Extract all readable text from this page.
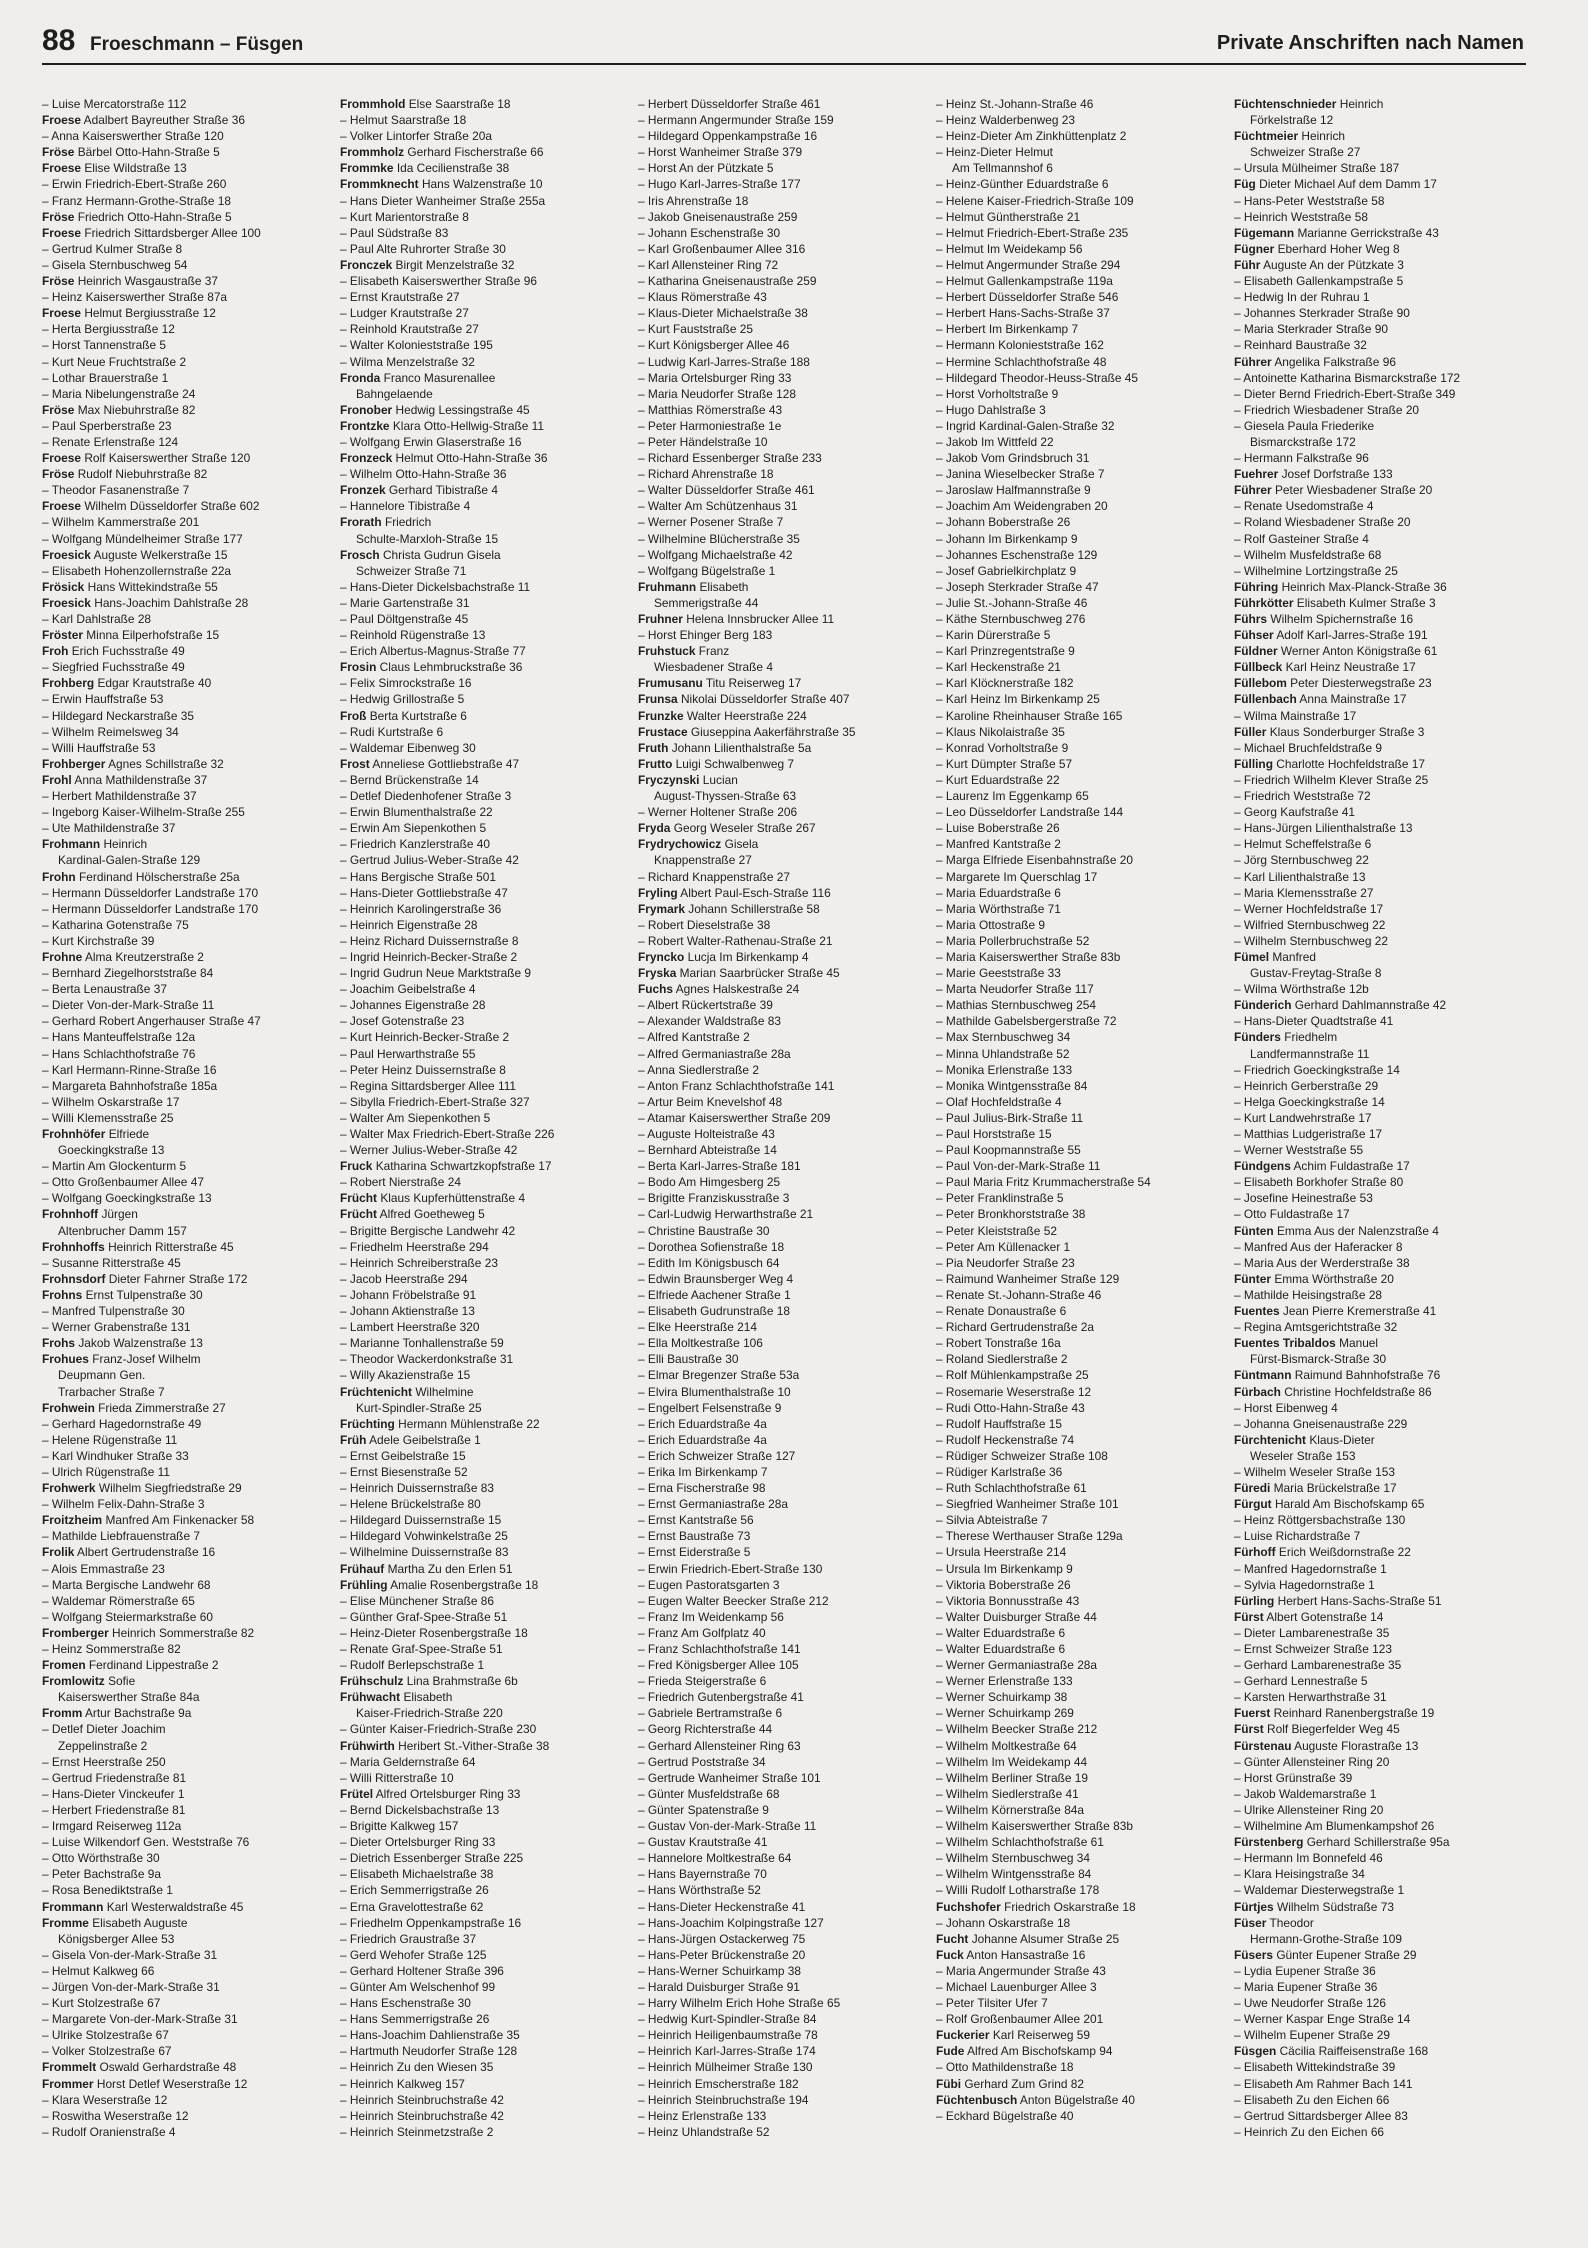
88 Froeschmann – Füsgen	Private Anschriften nach Namen
– Luise Mercatorstraße 112
Froese Adalbert Bayreuther Straße 36
– Anna Kaiserswerther Straße 120
Fröse Bärbel Otto-Hahn-Straße 5
Froese Elise Wildstraße 13
– Erwin Friedrich-Ebert-Straße 260
– Franz Hermann-Grothe-Straße 18
Fröse Friedrich Otto-Hahn-Straße 5
Froese Friedrich Sittardsberger Allee 100
– Gertrud Kulmer Straße 8
– Gisela Sternbuschweg 54
Fröse Heinrich Wasgaustraße 37
– Heinz Kaiserswerther Straße 87a
Froese Helmut Bergiusstraße 12
– Herta Bergiusstraße 12
– Horst Tannenstraße 5
– Kurt Neue Fruchtstraße 2
– Lothar Brauerstraße 1
– Maria Nibelungenstraße 24
Fröse Max Niebuhrstraße 82
– Paul Sperberstraße 23
– Renate Erlenstraße 124
Froese Rolf Kaiserswerther Straße 120
Fröse Rudolf Niebuhrstraße 82
– Theodor Fasanenstraße 7
Froese Wilhelm Düsseldorfer Straße 602
– Wilhelm Kammerstraße 201
– Wolfgang Mündelheimer Straße 177
Froesick Auguste Welkerstraße 15
– Elisabeth Hohenzollernstraße 22a
Frösick Hans Wittekindstraße 55
Froesick Hans-Joachim Dahlstraße 28
– Karl Dahlstraße 28
Fröster Minna Eilperhofstraße 15
Froh Erich Fuchsstraße 49
– Siegfried Fuchsstraße 49
Frohberg Edgar Krautstraße 40
– Erwin Hauffstraße 53
– Hildegard Neckarstraße 35
– Wilhelm Reimelsweg 34
– Willi Hauffstraße 53
Frohberger Agnes Schillstraße 32
Frohl Anna Mathildenstraße 37
– Herbert Mathildenstraße 37
– Ingeborg Kaiser-Wilhelm-Straße 255
– Ute Mathildenstraße 37
Frohmann Heinrich
Kardinal-Galen-Straße 129
Frohn Ferdinand Hölscherstraße 25a
– Hermann Düsseldorfer Landstraße 170
– Hermann Düsseldorfer Landstraße 170
– Katharina Gotenstraße 75
– Kurt Kirchstraße 39
Frohne Alma Kreutzerstraße 2
– Bernhard Ziegelhorststraße 84
– Berta Lenaustraße 37
– Dieter Von-der-Mark-Straße 11
– Gerhard Robert Angerhauser Straße 47
– Hans Manteuffelstraße 12a
– Hans Schlachthofstraße 76
– Karl Hermann-Rinne-Straße 16
– Margareta Bahnhofstraße 185a
– Wilhelm Oskarstraße 17
– Willi Klemensstraße 25
Frohnhöfer Elfriede
Goeckingkstraße 13
– Martin Am Glockenturm 5
– Otto Großenbaumer Allee 47
– Wolfgang Goeckingkstraße 13
Frohnhoff Jürgen
Altenbrucher Damm 157
Frohnhoffs Heinrich Ritterstraße 45
– Susanne Ritterstraße 45
Frohnsdorf Dieter Fahrner Straße 172
Frohns Ernst Tulpenstraße 30
– Manfred Tulpenstraße 30
– Werner Grabenstraße 131
Frohs Jakob Walzenstraße 13
Frohues Franz-Josef Wilhelm
Deupmann Gen.
Trarbacher Straße 7
Frohwein Frieda Zimmerstraße 27
– Gerhard Hagedornstraße 49
– Helene Rügenstraße 11
– Karl Windhuker Straße 33
– Ulrich Rügenstraße 11
Frohwerk Wilhelm Siegfriedstraße 29
– Wilhelm Felix-Dahn-Straße 3
Froitzheim Manfred Am Finkenacker 58
– Mathilde Liebfrauenstraße 7
Frolik Albert Gertrudenstraße 16
– Alois Emmastraße 23
– Marta Bergische Landwehr 68
– Waldemar Römerstraße 65
– Wolfgang Steiermarkstraße 60
Fromberger Heinrich Sommerstraße 82
– Heinz Sommerstraße 82
Fromen Ferdinand Lippestraße 2
Fromlowitz Sofie
Kaiserswerther Straße 84a
Fromm Artur Bachstraße 9a
– Detlef Dieter Joachim
Zeppelinstraße 2
– Ernst Heerstraße 250
– Gertrud Friedenstraße 81
– Hans-Dieter Vinckeufer 1
– Herbert Friedenstraße 81
– Irmgard Reiserweg 112a
– Luise Wilkendorf Gen. Weststraße 76
– Otto Wörthstraße 30
– Peter Bachstraße 9a
– Rosa Benediktstraße 1
Frommann Karl Westerwaldstraße 45
Fromme Elisabeth Auguste
Königsberger Allee 53
– Gisela Von-der-Mark-Straße 31
– Helmut Kalkweg 66
– Jürgen Von-der-Mark-Straße 31
– Kurt Stolzestraße 67
– Margarete Von-der-Mark-Straße 31
– Ulrike Stolzestraße 67
– Volker Stolzestraße 67
Frommelt Oswald Gerhardstraße 48
Frommer Horst Detlef Weserstraße 12
– Klara Weserstraße 12
– Roswitha Weserstraße 12
– Rudolf Oranienstraße 4
Frommhold Else Saarstraße 18
– Helmut Saarstraße 18
– Volker Lintorfer Straße 20a
Frommholz Gerhard Fischerstraße 66
Frommke Ida Cecilienstraße 38
Frommknecht Hans Walzenstraße 10
– Hans Dieter Wanheimer Straße 255a
– Kurt Marientorstraße 8
– Paul Südstraße 83
– Paul Alte Ruhrorter Straße 30
Fronczek Birgit Menzelstraße 32
– Elisabeth Kaiserswerther Straße 96
– Ernst Krautstraße 27
– Ludger Krautstraße 27
– Reinhold Krautstraße 27
– Walter Kolonieststraße 195
– Wilma Menzelstraße 32
Fronda Franco Masurenallee
Bahngelaende
Fronober Hedwig Lessingstraße 45
Frontzke Klara Otto-Hellwig-Straße 11
– Wolfgang Erwin Glaserstraße 16
Fronzeck Helmut Otto-Hahn-Straße 36
– Wilhelm Otto-Hahn-Straße 36
Fronzek Gerhard Tibistraße 4
– Hannelore Tibistraße 4
Frorath Friedrich
Schulte-Marxloh-Straße 15
Frosch Christa Gudrun Gisela
Schweizer Straße 71
– Hans-Dieter Dickelsbachstraße 11
– Marie Gartenstraße 31
– Paul Döltgenstraße 45
– Reinhold Rügenstraße 13
– Erich Albertus-Magnus-Straße 77
Frosin Claus Lehmbruckstraße 36
– Felix Simrockstraße 16
– Hedwig Grillostraße 5
Froß Berta Kurtstraße 6
– Rudi Kurtstraße 6
– Waldemar Eibenweg 30
Frost Anneliese Gottliebstraße 47
– Bernd Brückenstraße 14
– Detlef Diedenhofener Straße 3
– Erwin Blumenthalstraße 22
– Erwin Am Siepenkothen 5
– Friedrich Kanzlerstraße 40
– Gertrud Julius-Weber-Straße 42
– Hans Bergische Straße 501
– Hans-Dieter Gottliebstraße 47
– Heinrich Karolingerstraße 36
– Heinrich Eigenstraße 28
– Heinz Richard Duissernstraße 8
– Ingrid Heinrich-Becker-Straße 2
– Ingrid Gudrun Neue Marktstraße 9
– Joachim Geibelstraße 4
– Johannes Eigenstraße 28
– Josef Gotenstraße 23
– Kurt Heinrich-Becker-Straße 2
– Paul Herwarthstraße 55
– Peter Heinz Duissernstraße 8
– Regina Sittardsberger Allee 111
– Sibylla Friedrich-Ebert-Straße 327
– Walter Am Siepenkothen 5
– Walter Max Friedrich-Ebert-Straße 226
– Werner Julius-Weber-Straße 42
Fruck Katharina Schwartzkopfstraße 17
– Robert Nierstraße 24
Frücht Klaus Kupferhüttenstraße 4
Frücht Alfred Goetheweg 5
– Brigitte Bergische Landwehr 42
– Friedhelm Heerstraße 294
– Heinrich Schreiberstraße 23
– Jacob Heerstraße 294
– Johann Fröbelstraße 91
– Johann Aktienstraße 13
– Lambert Heerstraße 320
– Marianne Tonhallenstraße 59
– Theodor Wackerdonkstraße 31
– Willy Akazienstraße 15
Früchtenicht Wilhelmine
Kurt-Spindler-Straße 25
Früchting Hermann Mühlenstraße 22
Früh Adele Geibelstraße 1
– Ernst Geibelstraße 15
– Ernst Biesenstraße 52
– Heinrich Duissernstraße 83
– Helene Brückelstraße 80
– Hildegard Duissernstraße 15
– Hildegard Vohwinkelstraße 25
– Wilhelmine Duissernstraße 83
Frühauf Martha Zu den Erlen 51
Frühling Amalie Rosenbergstraße 18
– Elise Münchener Straße 86
– Günther Graf-Spee-Straße 51
– Heinz-Dieter Rosenbergstraße 18
– Renate Graf-Spee-Straße 51
– Rudolf Berlepschstraße 1
Frühschulz Lina Brahmstraße 6b
Frühwacht Elisabeth
Kaiser-Friedrich-Straße 220
– Günter Kaiser-Friedrich-Straße 230
Frühwirth Heribert St.-Vither-Straße 38
– Maria Geldernstraße 64
– Willi Ritterstraße 10
Frütel Alfred Ortelsburger Ring 33
– Bernd Dickelsbachstraße 13
– Brigitte Kalkweg 157
– Dieter Ortelsburger Ring 33
– Dietrich Essenberger Straße 225
– Elisabeth Michaelstraße 38
– Erich Semmerrigstraße 26
– Erna Gravelottestraße 62
– Friedhelm Oppenkampstraße 16
– Friedrich Graustraße 37
– Gerd Wehofer Straße 125
– Gerhard Holtener Straße 396
– Günter Am Welschenhof 99
– Hans Eschenstraße 30
– Hans Semmerrigstraße 26
– Hans-Joachim Dahlienstraße 35
– Hartmuth Neudorfer Straße 128
– Heinrich Zu den Wiesen 35
– Heinrich Kalkweg 157
– Heinrich Steinbruchstraße 42
– Heinrich Steinbruchstraße 42
– Heinrich Steinmetzstraße 2
– Herbert Düsseldorfer Straße 461
– Hermann Angermunder Straße 159
– Hildegard Oppenkampstraße 16
– Horst Wanheimer Straße 379
– Horst An der Pützkate 5
– Hugo Karl-Jarres-Straße 177
– Iris Ahrenstraße 18
– Jakob Gneisenaustraße 259
– Johann Eschenstraße 30
– Karl Großenbaumer Allee 316
– Karl Allensteiner Ring 72
– Katharina Gneisenaustraße 259
– Klaus Römerstraße 43
– Klaus-Dieter Michaelstraße 38
– Kurt Fauststraße 25
– Kurt Königsberger Allee 46
– Ludwig Karl-Jarres-Straße 188
– Maria Ortelsburger Ring 33
– Maria Neudorfer Straße 128
– Matthias Römerstraße 43
– Peter Harmoniestraße 1e
– Peter Händelstraße 10
– Richard Essenberger Straße 233
– Richard Ahrenstraße 18
– Walter Düsseldorfer Straße 461
– Walter Am Schützenhaus 31
– Werner Posener Straße 7
– Wilhelmine Blücherstraße 35
– Wolfgang Michaelstraße 42
– Wolfgang Bügelstraße 1
Fruhmann Elisabeth
Semmerigstraße 44
Fruhner Helena Innsbrucker Allee 11
– Horst Ehinger Berg 183
Fruhstuck Franz
Wiesbadener Straße 4
Frumusanu Titu Reiserweg 17
Frunsa Nikolai Düsseldorfer Straße 407
Frunzke Walter Heerstraße 224
Frustace Giuseppina Aakerfährstraße 35
Fruth Johann Lilienthalstraße 5a
Frutto Luigi Schwalbenweg 7
Fryczynski Lucian
August-Thyssen-Straße 63
– Werner Holtener Straße 206
Fryda Georg Weseler Straße 267
Frydrychowicz Gisela
Knappenstraße 27
– Richard Knappenstraße 27
Fryling Albert Paul-Esch-Straße 116
Frymark Johann Schillerstraße 58
– Robert Dieselstraße 38
– Robert Walter-Rathenau-Straße 21
Fryncko Lucja Im Birkenkamp 4
Fryska Marian Saarbrücker Straße 45
Fuchs Agnes Halskestraße 24
– Albert Rückertstraße 39
– Alexander Waldstraße 83
– Alfred Kantstraße 2
– Alfred Germaniastraße 28a
– Anna Siedlerstraße 2
– Anton Franz Schlachthofstraße 141
– Artur Beim Knevelshof 48
– Atamar Kaiserswerther Straße 209
– Auguste Holteistraße 43
– Bernhard Abteistraße 14
– Berta Karl-Jarres-Straße 181
– Bodo Am Himgesberg 25
– Brigitte Franziskusstraße 3
– Carl-Ludwig Herwarthstraße 21
– Christine Baustraße 30
– Dorothea Sofienstraße 18
– Edith Im Königsbusch 64
– Edwin Braunsberger Weg 4
– Elfriede Aachener Straße 1
– Elisabeth Gudrunstraße 18
– Elke Heerstraße 214
– Ella Moltkestraße 106
– Elli Baustraße 30
– Elmar Bregenzer Straße 53a
– Elvira Blumenthalstraße 10
– Engelbert Felsenstraße 9
– Erich Eduardstraße 4a
– Erich Eduardstraße 4a
– Erich Schweizer Straße 127
– Erika Im Birkenkamp 7
– Erna Fischerstraße 98
– Ernst Germaniastraße 28a
– Ernst Kantstraße 56
– Ernst Baustraße 73
– Ernst Eiderstraße 5
– Erwin Friedrich-Ebert-Straße 130
– Eugen Pastoratsgarten 3
– Eugen Walter Beecker Straße 212
– Franz Im Weidenkamp 56
– Franz Am Golfplatz 40
– Franz Schlachthofstraße 141
– Fred Königsberger Allee 105
– Frieda Steigerstraße 6
– Friedrich Gutenbergstraße 41
– Gabriele Bertramstraße 6
– Georg Richterstraße 44
– Gerhard Allensteiner Ring 63
– Gertrud Poststraße 34
– Gertrude Wanheimer Straße 101
– Günter Musfeldstraße 68
– Günter Spatenstraße 9
– Gustav Von-der-Mark-Straße 11
– Gustav Krautstraße 41
– Hannelore Moltkestraße 64
– Hans Bayernstraße 70
– Hans Wörthstraße 52
– Hans-Dieter Heckenstraße 41
– Hans-Joachim Kolpingstraße 127
– Hans-Jürgen Ostackerweg 75
– Hans-Peter Brückenstraße 20
– Hans-Werner Schuirkamp 38
– Harald Duisburger Straße 91
– Harry Wilhelm Erich Hohe Straße 65
– Hedwig Kurt-Spindler-Straße 84
– Heinrich Heiligenbaumstraße 78
– Heinrich Karl-Jarres-Straße 174
– Heinrich Mülheimer Straße 130
– Heinrich Emscherstraße 182
– Heinrich Steinbruchstraße 194
– Heinz Erlenstraße 133
– Heinz Uhlandstraße 52
– Heinz St.-Johann-Straße 46
– Heinz Walderbenweg 23
– Heinz-Dieter Am Zinkhüttenplatz 2
– Heinz-Dieter Helmut
Am Tellmannshof 6
– Heinz-Günther Eduardstraße 6
– Helene Kaiser-Friedrich-Straße 109
– Helmut Güntherstraße 21
– Helmut Friedrich-Ebert-Straße 235
– Helmut Im Weidekamp 56
– Helmut Angermunder Straße 294
– Helmut Gallenkampstraße 119a
– Herbert Düsseldorfer Straße 546
– Herbert Hans-Sachs-Straße 37
– Herbert Im Birkenkamp 7
– Hermann Kolonieststraße 162
– Hermine Schlachthofstraße 48
– Hildegard Theodor-Heuss-Straße 45
– Horst Vorholtstraße 9
– Hugo Dahlstraße 3
– Ingrid Kardinal-Galen-Straße 32
– Jakob Im Wittfeld 22
– Jakob Vom Grindsbruch 31
– Janina Wieselbecker Straße 7
– Jaroslaw Halfmannstraße 9
– Joachim Am Weidengraben 20
– Johann Boberstraße 26
– Johann Im Birkenkamp 9
– Johannes Eschenstraße 129
– Josef Gabrielkirchplatz 9
– Joseph Sterkrader Straße 47
– Julie St.-Johann-Straße 46
– Käthe Sternbuschweg 276
– Karin Dürerstraße 5
– Karl Prinzregentstraße 9
– Karl Heckenstraße 21
– Karl Klöcknerstraße 182
– Karl Heinz Im Birkenkamp 25
– Karoline Rheinhauser Straße 165
– Klaus Nikolaistraße 35
– Konrad Vorholtstraße 9
– Kurt Dümpter Straße 57
– Kurt Eduardstraße 22
– Laurenz Im Eggenkamp 65
– Leo Düsseldorfer Landstraße 144
– Luise Boberstraße 26
– Manfred Kantstraße 2
– Marga Elfriede Eisenbahnstraße 20
– Margarete Im Querschlag 17
– Maria Eduardstraße 6
– Maria Wörthstraße 71
– Maria Ottostraße 9
– Maria Pollerbruchstraße 52
– Maria Kaiserswerther Straße 83b
– Marie Geeststraße 33
– Marta Neudorfer Straße 117
– Mathias Sternbuschweg 254
– Mathilde Gabelsbergerstraße 72
– Max Sternbuschweg 34
– Minna Uhlandstraße 52
– Monika Erlenstraße 133
– Monika Wintgensstraße 84
– Olaf Hochfeldstraße 4
– Paul Julius-Birk-Straße 11
– Paul Horststraße 15
– Paul Koopmannstraße 55
– Paul Von-der-Mark-Straße 11
– Paul Maria Fritz Krummacherstraße 54
– Peter Franklinstraße 5
– Peter Bronkhorststraße 38
– Peter Kleiststraße 52
– Peter Am Küllenacker 1
– Pia Neudorfer Straße 23
– Raimund Wanheimer Straße 129
– Renate St.-Johann-Straße 46
– Renate Donaustraße 6
– Richard Gertrudenstraße 2a
– Robert Tonstraße 16a
– Roland Siedlerstraße 2
– Rolf Mühlenkampstraße 25
– Rosemarie Weserstraße 12
– Rudi Otto-Hahn-Straße 43
– Rudolf Hauffstraße 15
– Rudolf Heckenstraße 74
– Rüdiger Schweizer Straße 108
– Rüdiger Karlstraße 36
– Ruth Schlachthofstraße 61
– Siegfried Wanheimer Straße 101
– Silvia Abteistraße 7
– Therese Werthauser Straße 129a
– Ursula Heerstraße 214
– Ursula Im Birkenkamp 9
– Viktoria Boberstraße 26
– Viktoria Bonnusstraße 43
– Walter Duisburger Straße 44
– Walter Eduardstraße 6
– Walter Eduardstraße 6
– Werner Germaniastraße 28a
– Werner Erlenstraße 133
– Werner Schuirkamp 38
– Werner Schuirkamp 269
– Wilhelm Beecker Straße 212
– Wilhelm Moltkestraße 64
– Wilhelm Im Weidekamp 44
– Wilhelm Berliner Straße 19
– Wilhelm Siedlerstraße 41
– Wilhelm Körnerstraße 84a
– Wilhelm Kaiserswerther Straße 83b
– Wilhelm Schlachthofstraße 61
– Wilhelm Sternbuschweg 34
– Wilhelm Wintgensstraße 84
– Willi Rudolf Lotharstraße 178
Fuchshofer Friedrich Oskarstraße 18
– Johann Oskarstraße 18
Fucht Johanne Alsumer Straße 25
Fuck Anton Hansastraße 16
– Maria Angermunder Straße 43
– Michael Lauenburger Allee 3
– Peter Tilsiter Ufer 7
– Rolf Großenbaumer Allee 201
Fuckerier Karl Reiserweg 59
Fude Alfred Am Bischofskamp 94
– Otto Mathildenstraße 18
Fübi Gerhard Zum Grind 82
Füchtenbusch Anton Bügelstraße 40
– Eckhard Bügelstraße 40
Füchtenschnieder Heinrich
Förkelstraße 12
Füchtmeier Heinrich
Schweizer Straße 27
– Ursula Mülheimer Straße 187
Füg Dieter Michael Auf dem Damm 17
– Hans-Peter Weststraße 58
– Heinrich Weststraße 58
Fügemann Marianne Gerrickstraße 43
Fügner Eberhard Hoher Weg 8
Führ Auguste An der Pützkate 3
– Elisabeth Gallenkampstraße 5
– Hedwig In der Ruhrau 1
– Johannes Sterkrader Straße 90
– Maria Sterkrader Straße 90
– Reinhard Baustraße 32
Führer Angelika Falkstraße 96
– Antoinette Katharina Bismarckstraße 172
– Dieter Bernd Friedrich-Ebert-Straße 349
– Friedrich Wiesbadener Straße 20
– Giesela Paula Friederike
Bismarckstraße 172
– Hermann Falkstraße 96
Fuehrer Josef Dorfstraße 133
Führer Peter Wiesbadener Straße 20
– Renate Usedomstraße 4
– Roland Wiesbadener Straße 20
– Rolf Gasteiner Straße 4
– Wilhelm Musfeldstraße 68
– Wilhelmine Lortzingstraße 25
Führing Heinrich Max-Planck-Straße 36
Führkötter Elisabeth Kulmer Straße 3
Führs Wilhelm Spichernstraße 16
Fühser Adolf Karl-Jarres-Straße 191
Füldner Werner Anton Königstraße 61
Füllbeck Karl Heinz Neustraße 17
Füllebom Peter Diesterwegstraße 23
Füllenbach Anna Mainstraße 17
– Wilma Mainstraße 17
Füller Klaus Sonderburger Straße 3
– Michael Bruchfeldstraße 9
Fülling Charlotte Hochfeldstraße 17
– Friedrich Wilhelm Klever Straße 25
– Friedrich Weststraße 72
– Georg Kaufstraße 41
– Hans-Jürgen Lilienthalstraße 13
– Helmut Scheffelstraße 6
– Jörg Sternbuschweg 22
– Karl Lilienthalstraße 13
– Maria Klemensstraße 27
– Werner Hochfeldstraße 17
– Wilfried Sternbuschweg 22
– Wilhelm Sternbuschweg 22
Fümel Manfred
Gustav-Freytag-Straße 8
– Wilma Wörthstraße 12b
Fünderich Gerhard Dahlmannstraße 42
– Hans-Dieter Quadtstraße 41
Fünders Friedhelm
Landfermannstraße 11
– Friedrich Goeckingkstraße 14
– Heinrich Gerberstraße 29
– Helga Goeckingkstraße 14
– Kurt Landwehrstraße 17
– Matthias Ludgeristraße 17
– Werner Weststraße 55
Fündgens Achim Fuldastraße 17
– Elisabeth Borkhofer Straße 80
– Josefine Heinestraße 53
– Otto Fuldastraße 17
Fünten Emma Aus der Nalenzstraße 4
– Manfred Aus der Haferacker 8
– Maria Aus der Werderstraße 38
Fünter Emma Wörthstraße 20
– Mathilde Heisingstraße 28
Fuentes Jean Pierre Kremerstraße 41
– Regina Amtsgerichtstraße 32
Fuentes Tribaldos Manuel
Fürst-Bismarck-Straße 30
Füntmann Raimund Bahnhofstraße 76
Fürbach Christine Hochfeldstraße 86
– Horst Eibenweg 4
– Johanna Gneisenaustraße 229
Fürchtenicht Klaus-Dieter
Weseler Straße 153
– Wilhelm Weseler Straße 153
Füredi Maria Brückelstraße 17
Fürgut Harald Am Bischofskamp 65
– Heinz Röttgersbachstraße 130
– Luise Richardstraße 7
Fürhoff Erich Weißdornstraße 22
– Manfred Hagedornstraße 1
– Sylvia Hagedornstraße 1
Fürling Herbert Hans-Sachs-Straße 51
Fürst Albert Gotenstraße 14
– Dieter Lambarenestraße 35
– Ernst Schweizer Straße 123
– Gerhard Lambarenestraße 35
– Gerhard Lennestraße 5
– Karsten Herwarthstraße 31
Fuerst Reinhard Ranenbergstraße 19
Fürst Rolf Biegerfelder Weg 45
Fürstenau Auguste Florastraße 13
– Günter Allensteiner Ring 20
– Horst Grünstraße 39
– Jakob Waldemarstraße 1
– Ulrike Allensteiner Ring 20
– Wilhelmine Am Blumenkampshof 26
Fürstenberg Gerhard Schillerstraße 95a
– Hermann Im Bonnefeld 46
– Klara Heisingstraße 34
– Waldemar Diesterwegstraße 1
Fürtjes Wilhelm Südstraße 73
Füser Theodor
Hermann-Grothe-Straße 109
Füsers Günter Eupener Straße 29
– Lydia Eupener Straße 36
– Maria Eupener Straße 36
– Uwe Neudorfer Straße 126
– Werner Kaspar Enge Straße 14
– Wilhelm Eupener Straße 29
Füsgen Cäcilia Raiffeisenstraße 168
– Elisabeth Wittekindstraße 39
– Elisabeth Am Rahmer Bach 141
– Elisabeth Zu den Eichen 66
– Gertrud Sittardsberger Allee 83
– Heinrich Zu den Eichen 66
